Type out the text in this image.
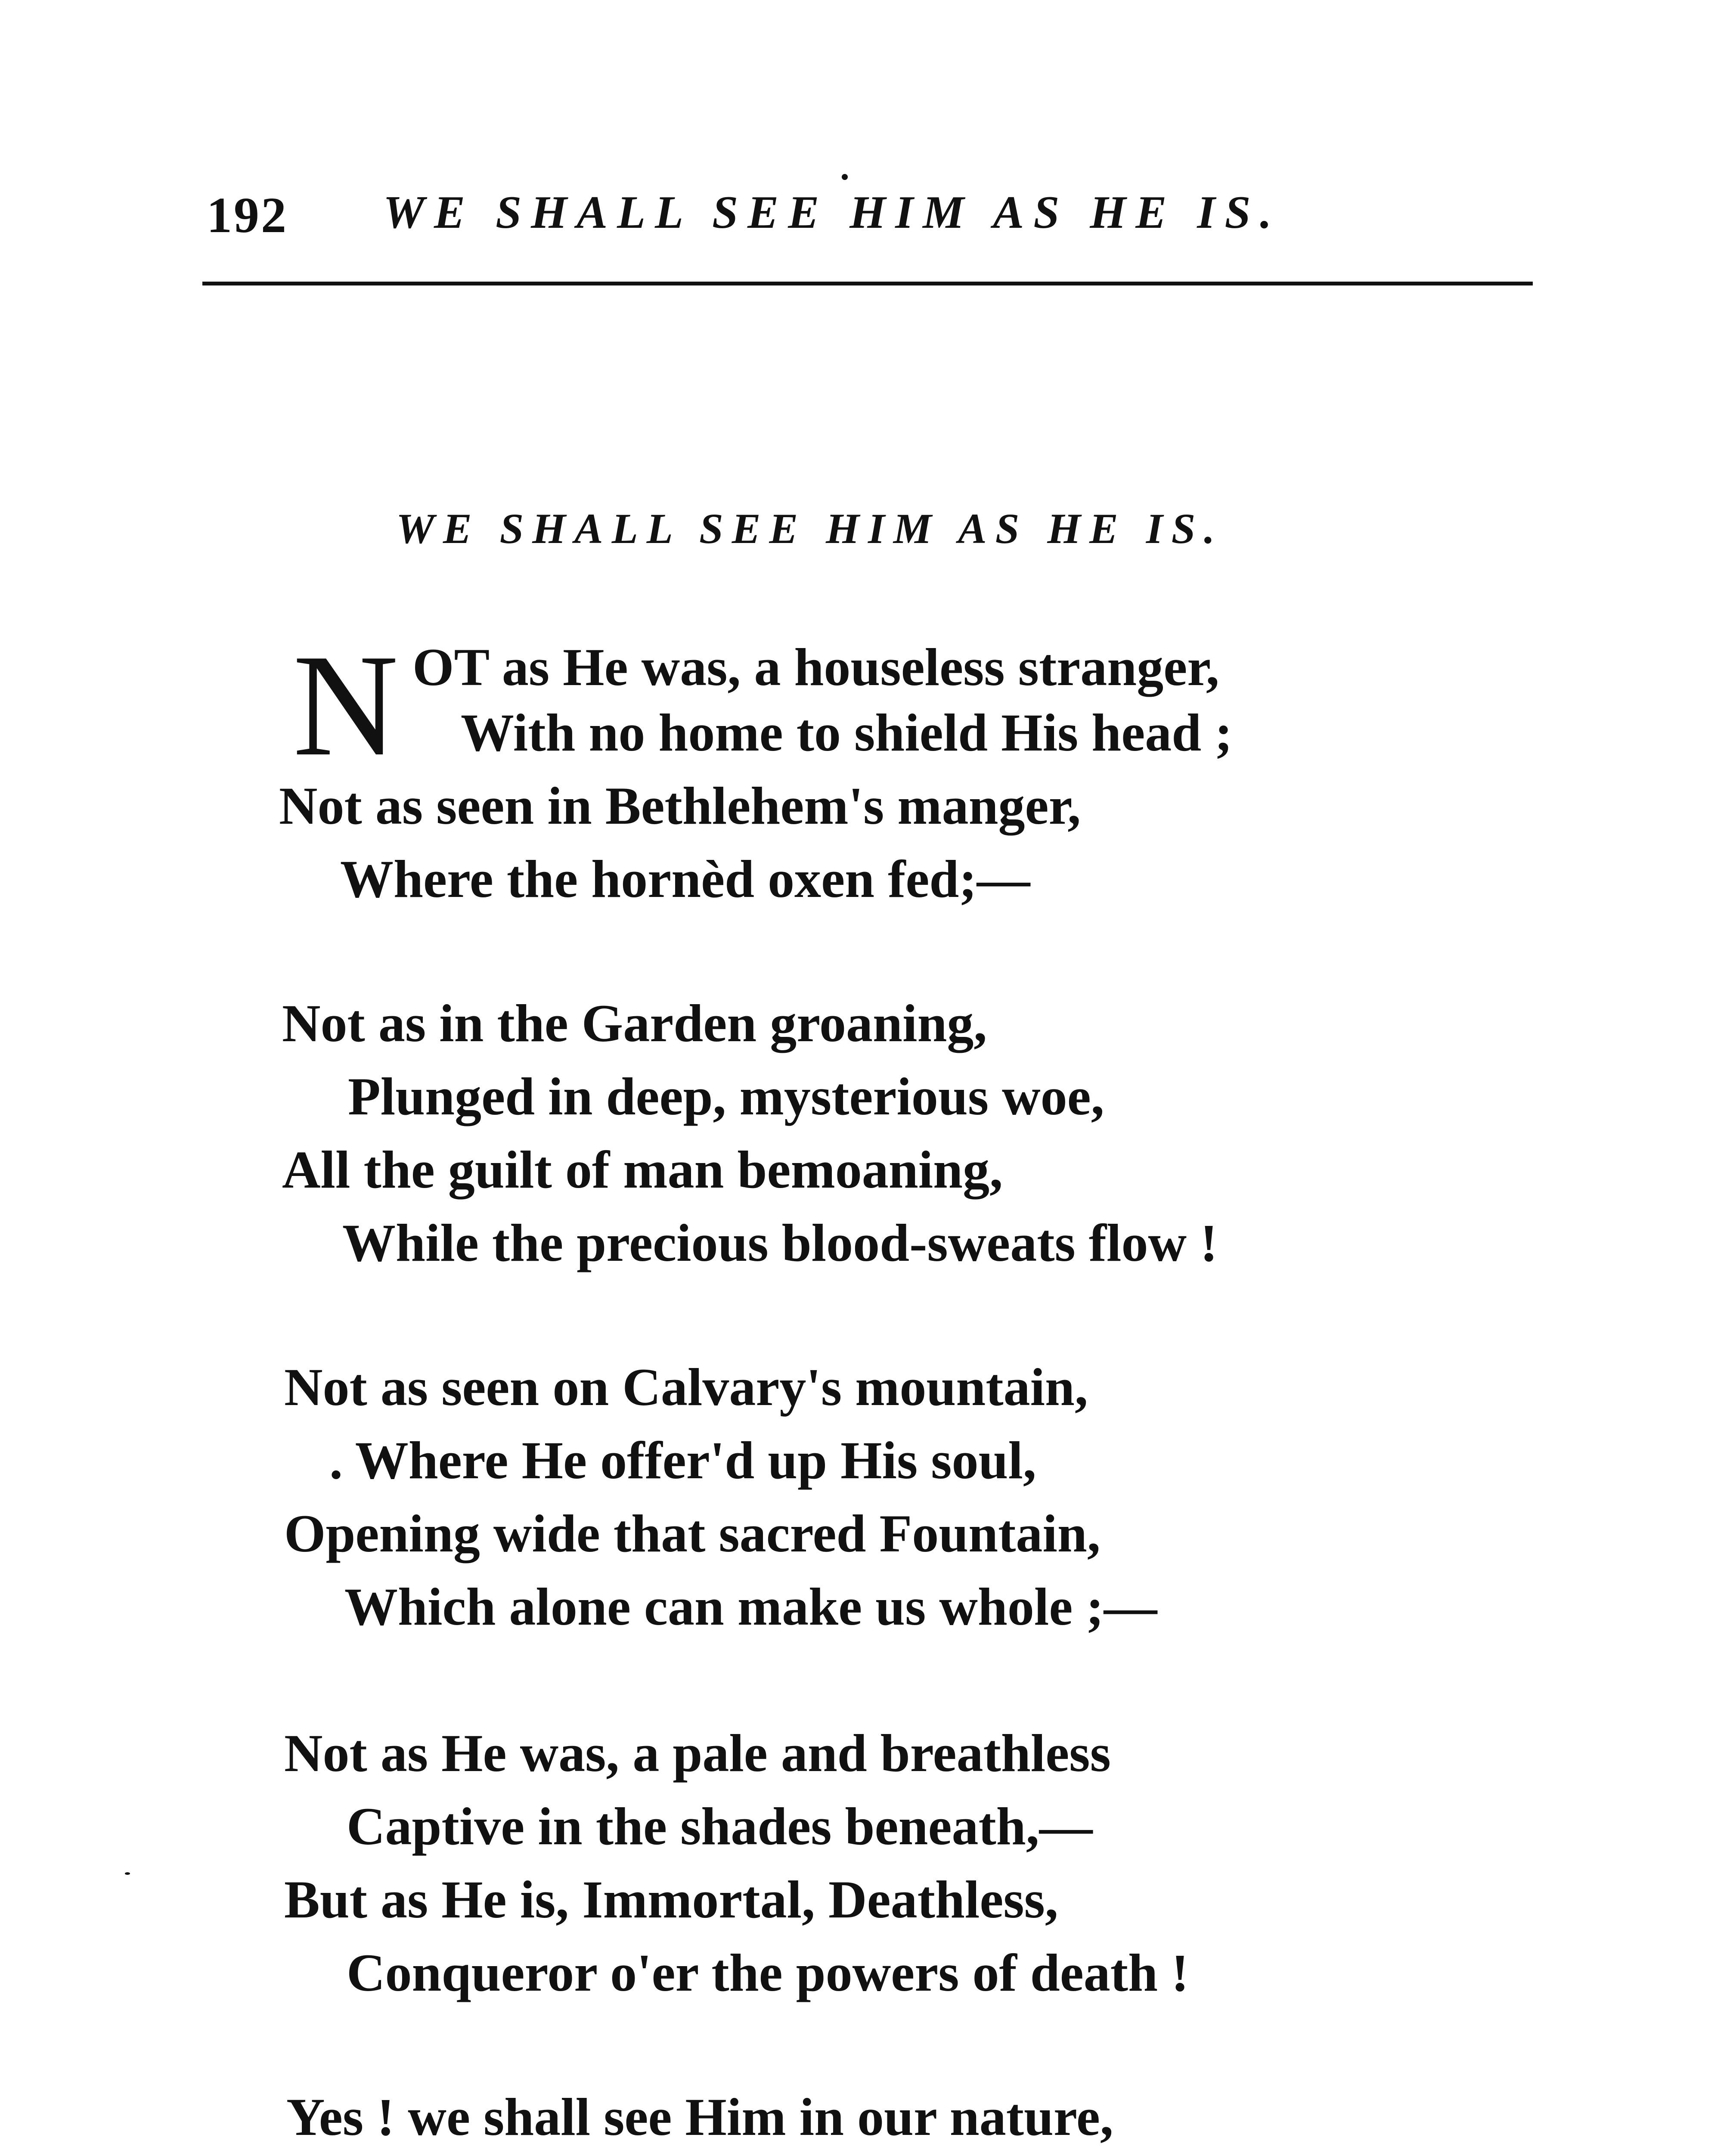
192 WE SHALL SEE HIM AS HE IS.
WE SHALL SEE HIM AS HE IS.
N OT as He was, a houseless stranger,
With no home to shield His head ;
Not as seen in Bethlehem's manger,
Where the hornèd oxen fed;—
Not as in the Garden groaning,
Plunged in deep, mysterious woe,
All the guilt of man bemoaning,
While the precious blood-sweats flow !
Not as seen on Calvary's mountain,
. Where He offer'd up His soul,
Opening wide that sacred Fountain,
Which alone can make us whole ;—
Not as He was, a pale and breathless
Captive in the shades beneath,—
But as He is, Immortal, Deathless,
Conqueror o'er the powers of death !
Yes ! we shall see Him in our nature,
